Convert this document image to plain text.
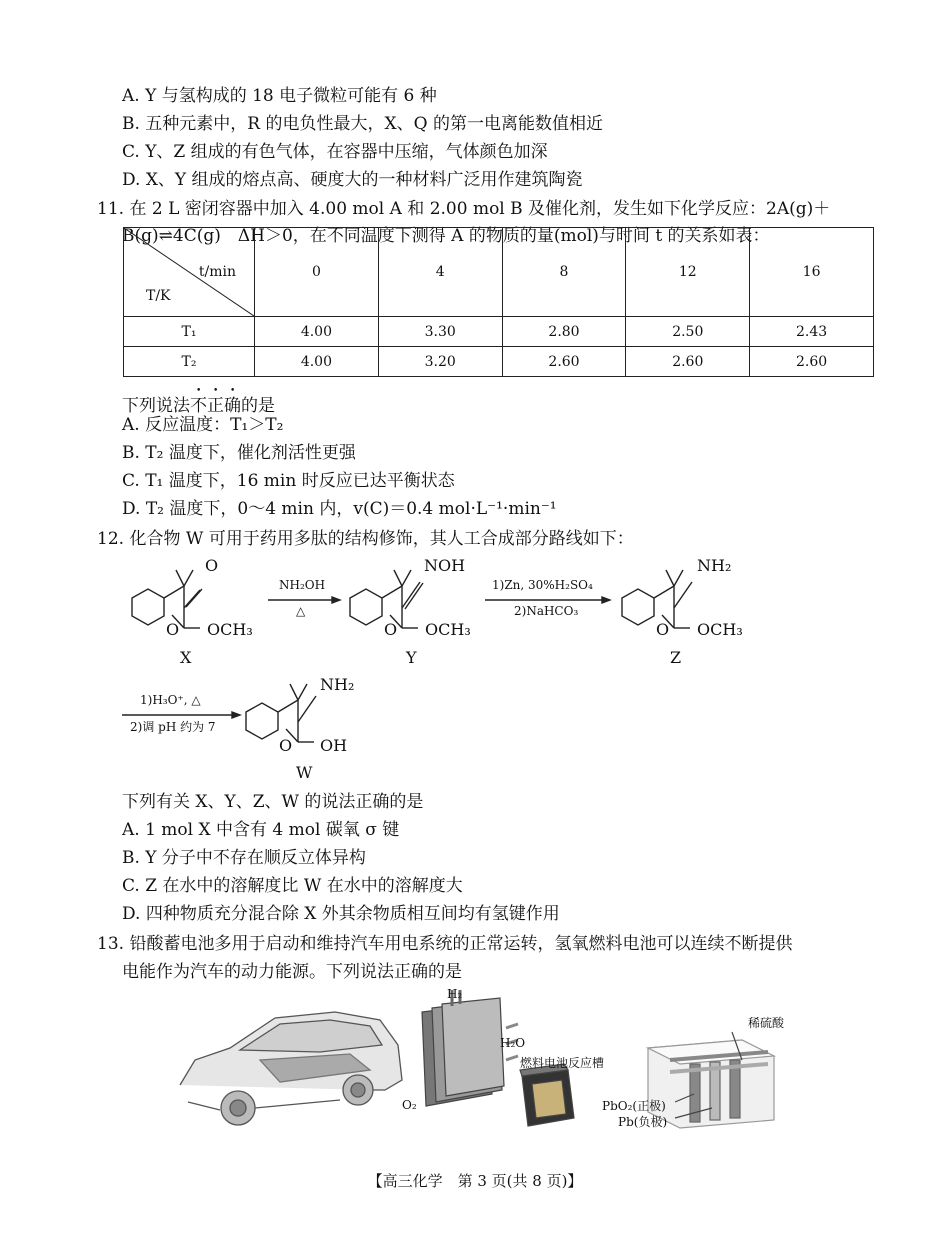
A. Y 与氢构成的 18 电子微粒可能有 6 种
B. 五种元素中，R 的电负性最大，X、Q 的第一电离能数值相近
C. Y、Z 组成的有色气体，在容器中压缩，气体颜色加深
D. X、Y 组成的熔点高、硬度大的一种材料广泛用作建筑陶瓷
11. 在 2 L 密闭容器中加入 4.00 mol A 和 2.00 mol B 及催化剂，发生如下化学反应：2A(g)＋
B(g)⇌4C(g)　ΔH＞0，在不同温度下测得 A 的物质的量(mol)与时间 t 的关系如表：
t/min
T/K	0	4	8	12	16
T₁	4.00	3.30	2.80	2.50	2.43
T₂	4.00	3.20	2.60	2.60	2.60
下列说法不正确的是
A. 反应温度：T₁＞T₂
B. T₂ 温度下，催化剂活性更强
C. T₁ 温度下，16 min 时反应已达平衡状态
D. T₂ 温度下，0～4 min 内，v(C)＝0.4 mol·L⁻¹·min⁻¹
12. 化合物 W 可用于药用多肽的结构修饰，其人工合成部分路线如下：
O
O OCH₃
X
NH₂OH
△
NOH
O OCH₃
Y
1)Zn, 30%H₂SO₄
2)NaHCO₃
NH₂
O OCH₃
Z
1)H₃O⁺, △
2)调 pH 约为 7
NH₂
O OH
W
下列有关 X、Y、Z、W 的说法正确的是
A. 1 mol X 中含有 4 mol 碳氧 σ 键
B. Y 分子中不存在顺反立体异构
C. Z 在水中的溶解度比 W 在水中的溶解度大
D. 四种物质充分混合除 X 外其余物质相互间均有氢键作用
13. 铅酸蓄电池多用于启动和维持汽车用电系统的正常运转，氢氧燃料电池可以连续不断提供
电能作为汽车的动力能源。下列说法正确的是
H₂
H₂O
燃料电池反应槽
O₂
稀硫酸
PbO₂(正极)
Pb(负极)
【高三化学　第 3 页(共 8 页)】
